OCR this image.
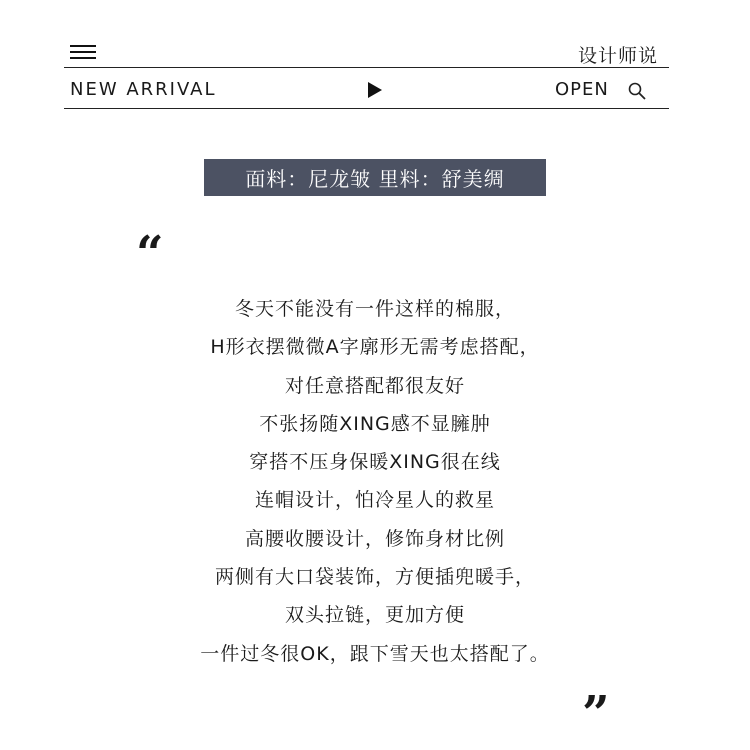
设计师说
NEW ARRIVAL	OPEN
面料：尼龙皱 里料：舒美绸
“
冬天不能没有一件这样的棉服，
H形衣摆微微A字廓形无需考虑搭配，
对任意搭配都很友好
不张扬随XING感不显臃肿
穿搭不压身保暖XING很在线
连帽设计，怕冷星人的救星
高腰收腰设计，修饰身材比例
两侧有大口袋装饰，方便插兜暖手，
双头拉链，更加方便
一件过冬很OK，跟下雪天也太搭配了。
”
